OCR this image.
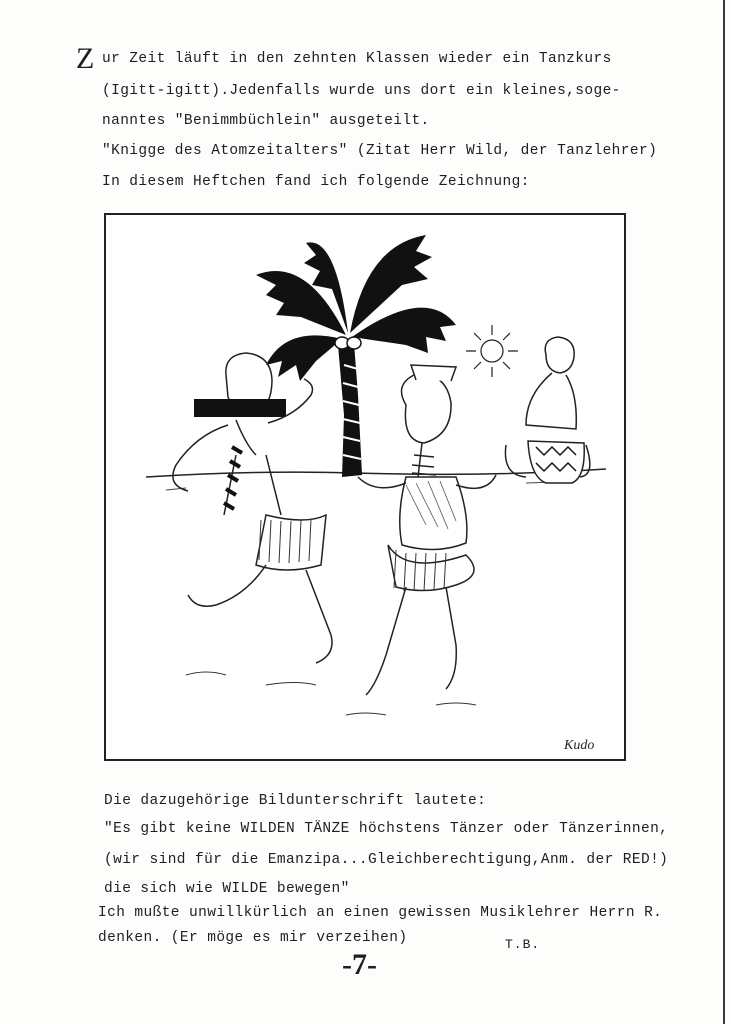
Z ur Zeit läuft in den zehnten Klassen wieder ein Tanzkurs
(Igitt-igitt).Jedenfalls wurde uns dort ein kleines,soge-
nanntes "Benimmbüchlein" ausgeteilt.
"Knigge des Atomzeitalters" (Zitat Herr Wild, der Tanzlehrer)
In diesem Heftchen fand ich folgende Zeichnung:
Kudo
Die dazugehörige Bildunterschrift lautete:
"Es gibt keine WILDEN TÄNZE höchstens Tänzer oder Tänzerinnen,
(wir sind für die Emanzipa...Gleichberechtigung,Anm. der RED!)
die sich wie WILDE bewegen"
Ich mußte unwillkürlich an einen gewissen Musiklehrer Herrn R.
denken. (Er möge es mir verzeihen)	T.B.
-7-
